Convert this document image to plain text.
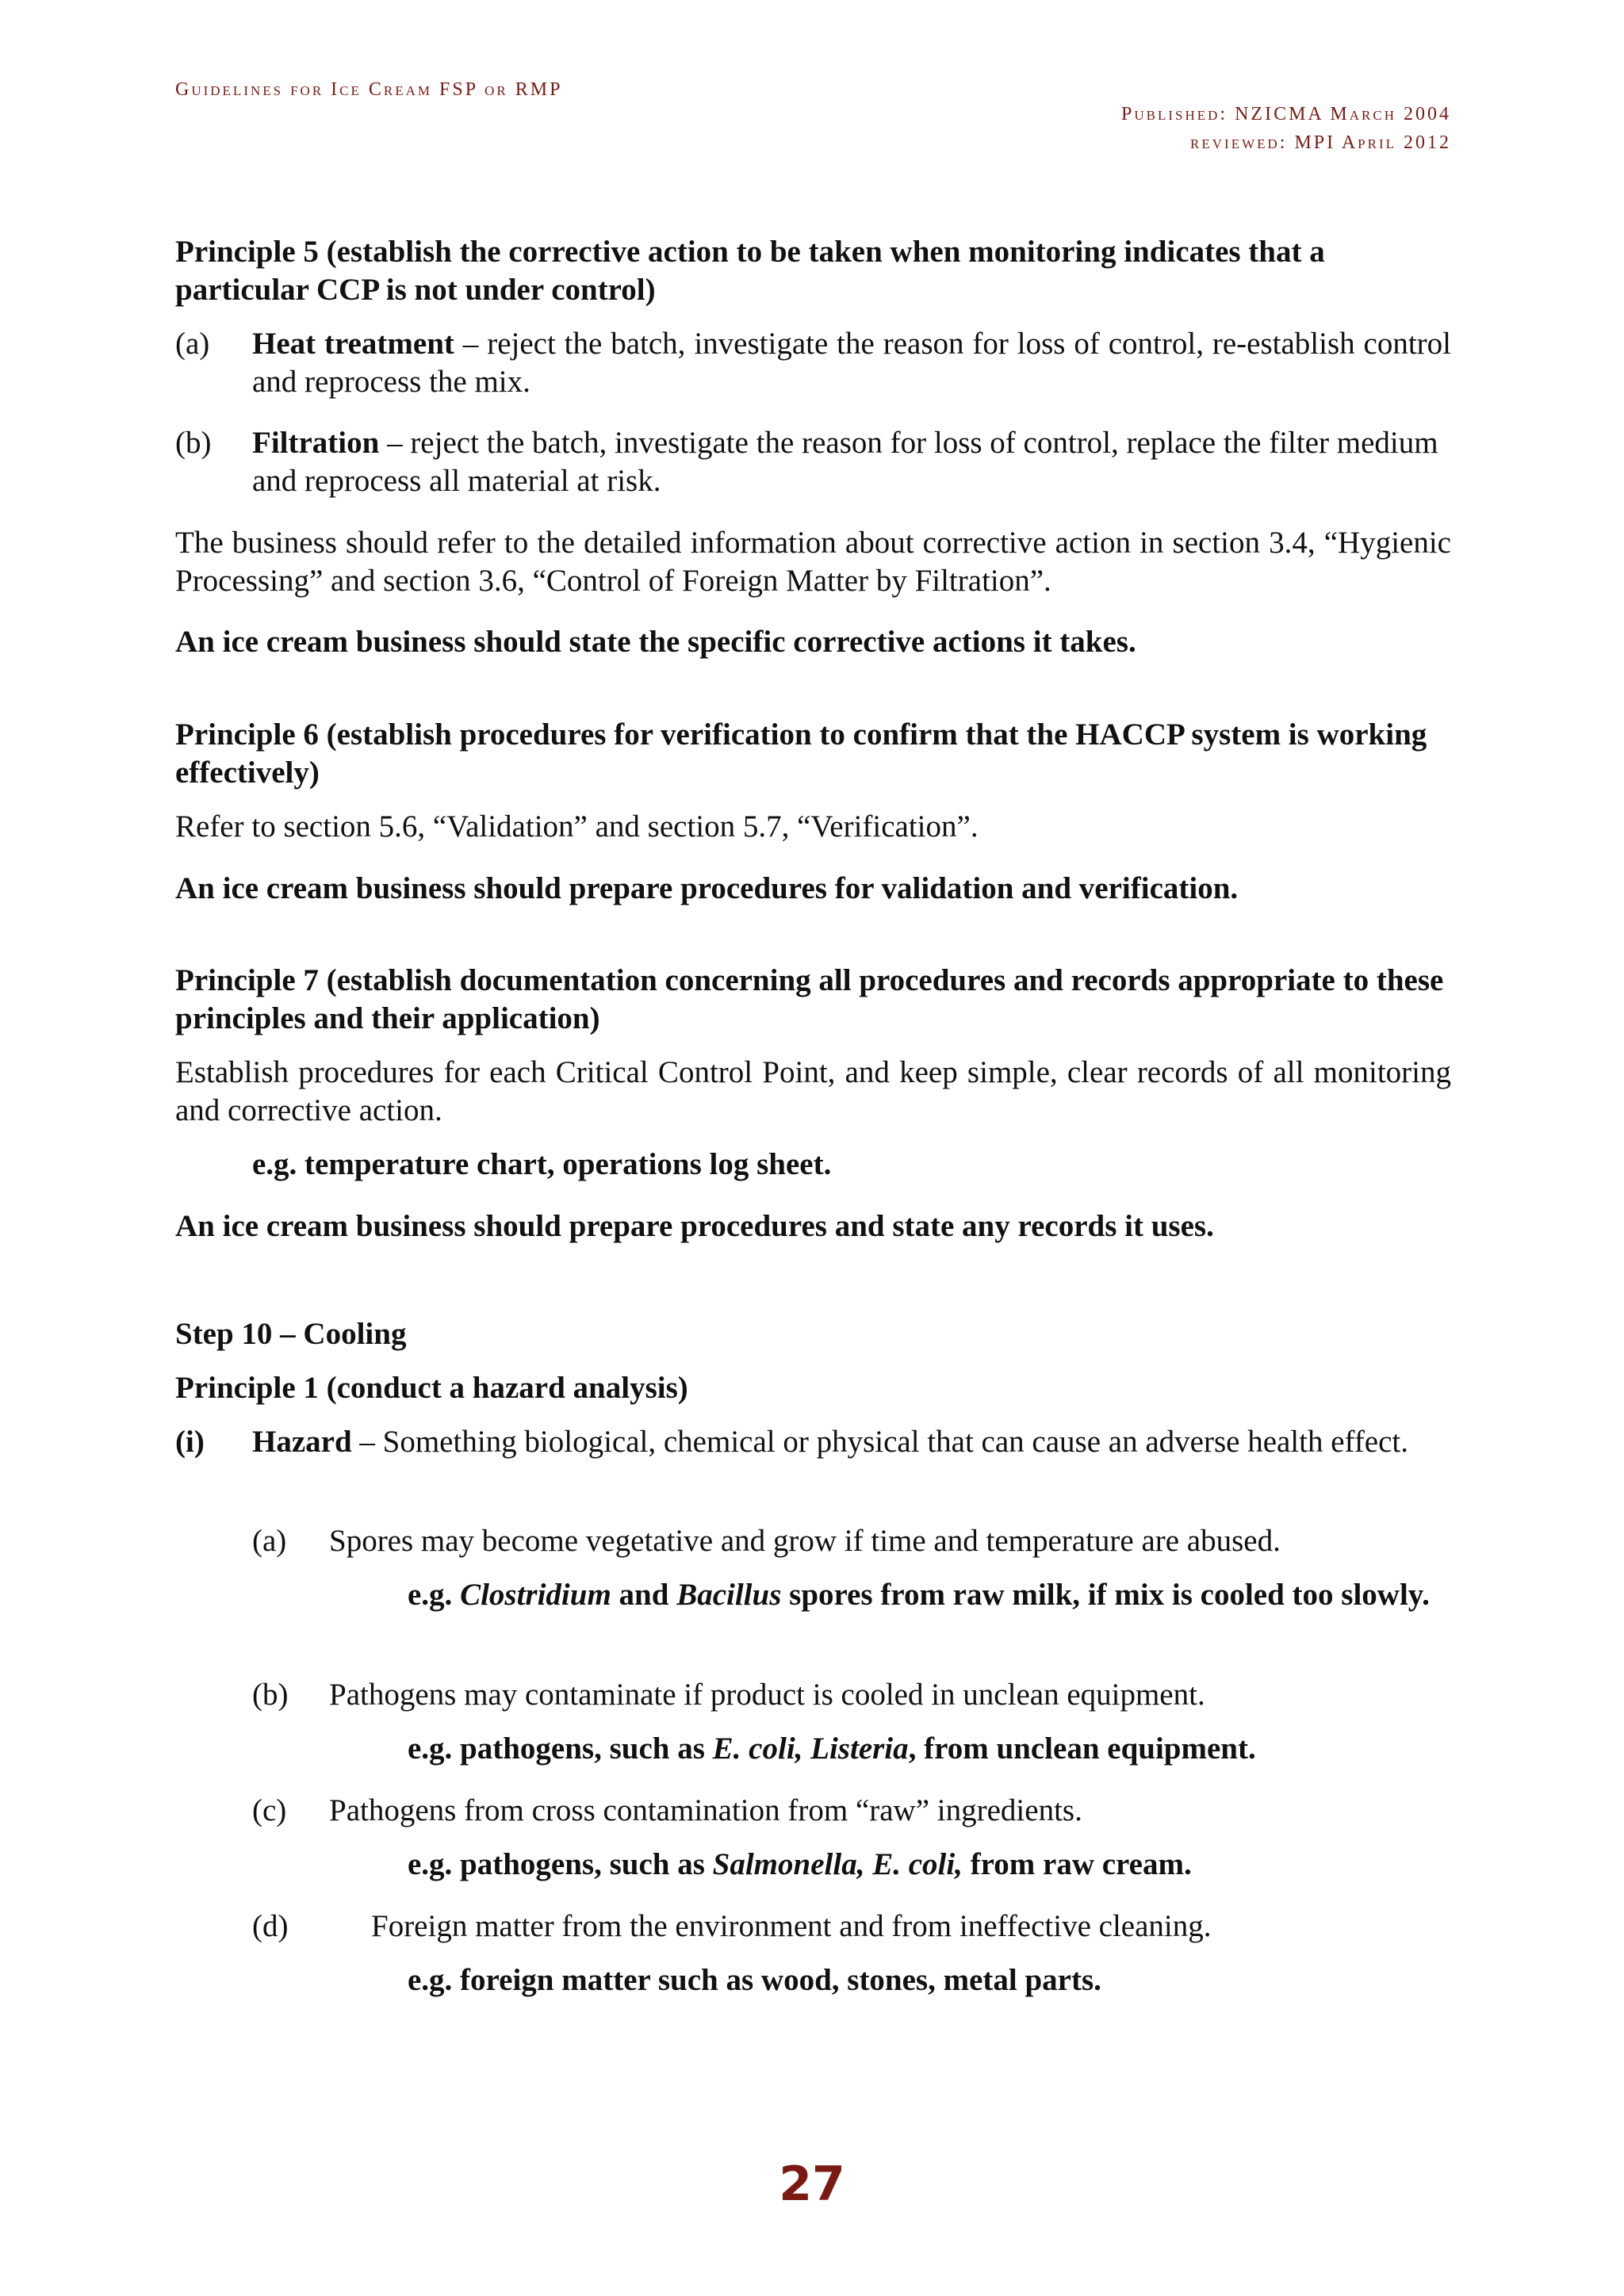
Guidelines for Ice Cream FSP or RMP
Published: NZICMA March 2004
reviewed: MPI April 2012
Principle 5 (establish the corrective action to be taken when monitoring indicates that a particular CCP is not under control)
(a) Heat treatment – reject the batch, investigate the reason for loss of control, re-establish control and reprocess the mix.
(b) Filtration – reject the batch, investigate the reason for loss of control, replace the filter medium and reprocess all material at risk.
The business should refer to the detailed information about corrective action in section 3.4, “Hygienic Processing” and section 3.6, “Control of Foreign Matter by Filtration”.
An ice cream business should state the specific corrective actions it takes.
Principle 6 (establish procedures for verification to confirm that the HACCP system is working effectively)
Refer to section 5.6, “Validation” and section 5.7, “Verification”.
An ice cream business should prepare procedures for validation and verification.
Principle 7 (establish documentation concerning all procedures and records appropriate to these principles and their application)
Establish procedures for each Critical Control Point, and keep simple, clear records of all monitoring and corrective action.
e.g. temperature chart, operations log sheet.
An ice cream business should prepare procedures and state any records it uses.
Step 10 – Cooling
Principle 1 (conduct a hazard analysis)
(i) Hazard – Something biological, chemical or physical that can cause an adverse health effect.
(a) Spores may become vegetative and grow if time and temperature are abused.
e.g. Clostridium and Bacillus spores from raw milk, if mix is cooled too slowly.
(b) Pathogens may contaminate if product is cooled in unclean equipment.
e.g. pathogens, such as E. coli, Listeria, from unclean equipment.
(c) Pathogens from cross contamination from “raw” ingredients.
e.g. pathogens, such as Salmonella, E. coli, from raw cream.
(d)	Foreign matter from the environment and from ineffective cleaning.
e.g. foreign matter such as wood, stones, metal parts.
27
